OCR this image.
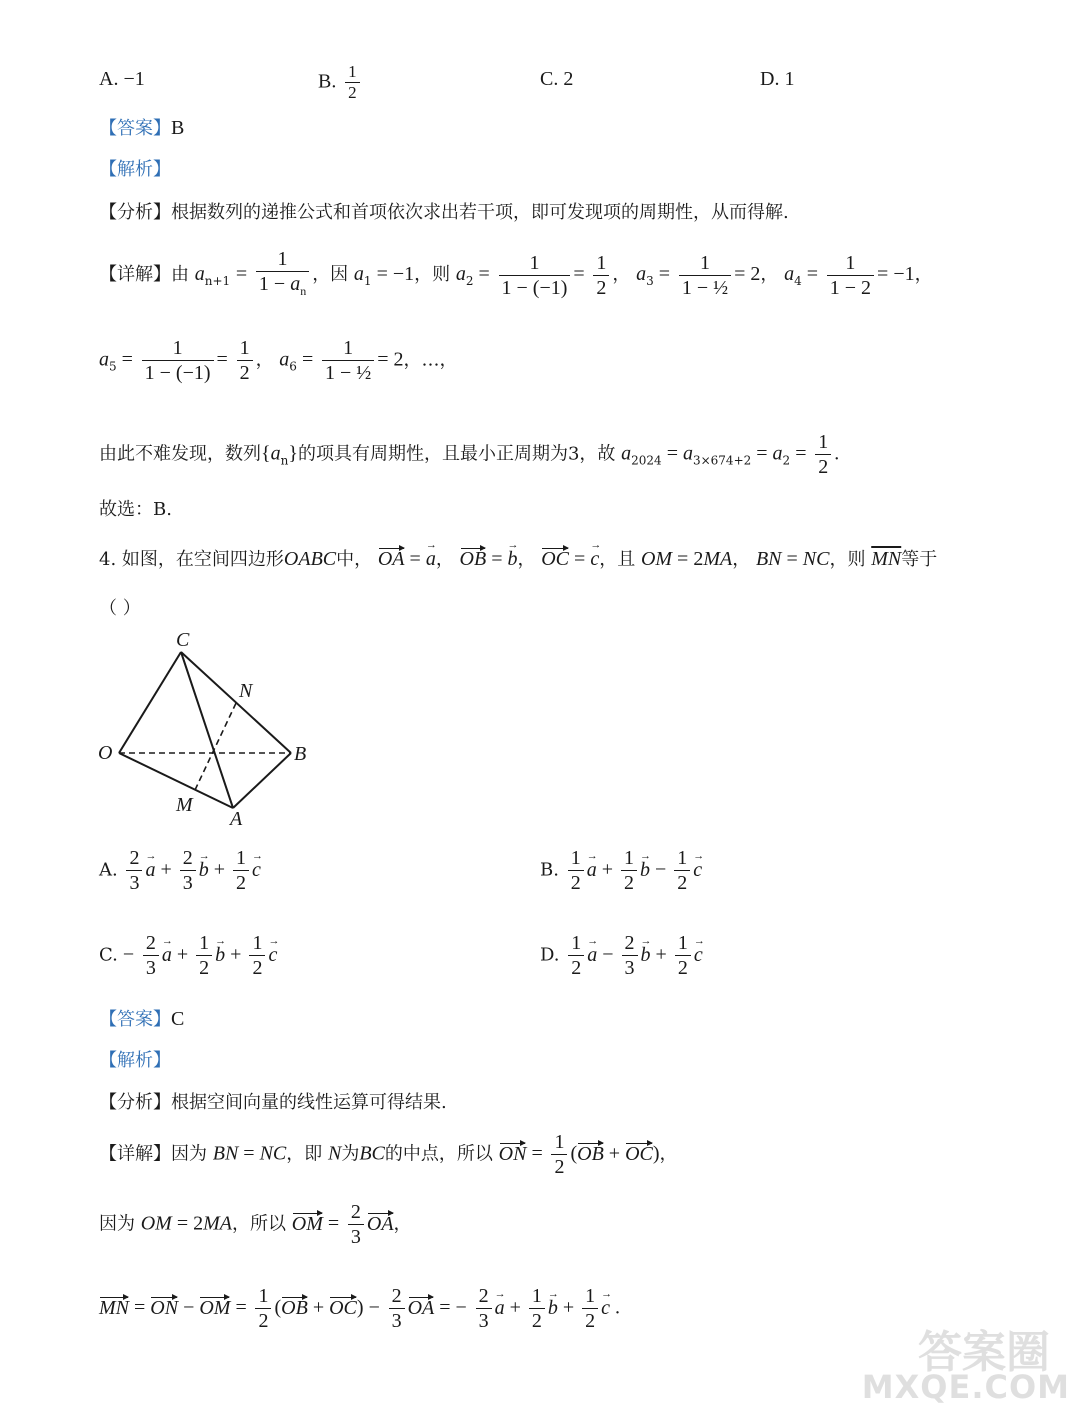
A. −1	B. $\frac{1}{2}$	C. 2	D. 1
【答案】B
【解析】
【分析】根据数列的递推公式和首项依次求出若干项，即可发现项的周期性，从而得解.
【详解】由 $a_{n+1} = \frac{1}{1 - a_n}$ ，因 $a_1 = -1$，则 $a_2 = \frac{1}{1 - (-1)} = \frac{1}{2}$ ， $a_3 = \frac{1}{\text{1 − ½}} = 2$， $a_4 = \frac{1}{1 - 2} = -1$，
$a_5 = \frac{1}{1 - (-1)} = \frac{1}{2}$ ， $a_6 = \frac{1}{\text{1 − ½}} = 2$，…，
由此不难发现，数列$\{a_n\}$的项具有周期性，且最小正周期为3，故 $a_{2024} = a_{3\times 674+2} = a_2 = \frac{1}{2}$ .
故选：B.
4. 如图，在空间四边形OABC中， OA = a →， OB = b →， OC = c →，且 OM = 2MA， BN = NC，则 $\overline{MN}$等于
（ ）
C
N
O	B
M
A
A. $\frac{2}{3}$ a → + $\frac{2}{3}$ b → + $\frac{1}{2}$ c →	B. $\frac{1}{2}$ a → + $\frac{1}{2}$ b → − $\frac{1}{2}$ c →
C. − $\frac{2}{3}$ a → + $\frac{1}{2}$ b → + $\frac{1}{2}$ c →	D. $\frac{1}{2}$ a → − $\frac{2}{3}$ b → + $\frac{1}{2}$ c →
【答案】C
【解析】
【分析】根据空间向量的线性运算可得结果.
【详解】因为 BN = NC，即 N为BC的中点，所以 ON = $\frac{1}{2} (OB + OC)$，
因为 OM = 2MA，所以 OM = $\frac{2}{3}$ OA，
MN = ON − OM = $\frac{1}{2} (OB + OC) - \frac{2}{3}$ OA = − $\frac{2}{3}$ a → + $\frac{1}{2}$ b → + $\frac{1}{2}$ c → .
答案圈
MXQE.COM
